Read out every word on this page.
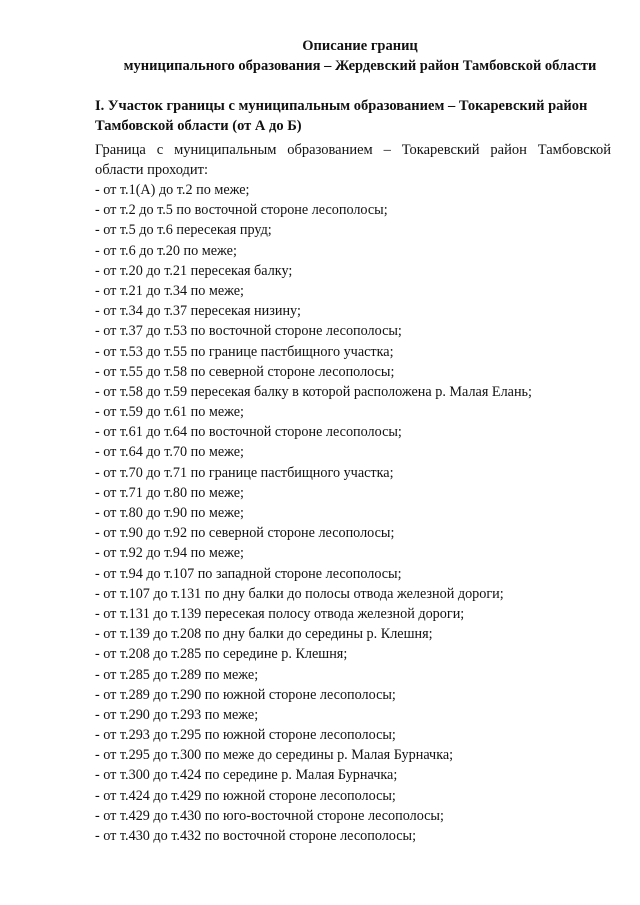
Описание границ
муниципального образования – Жердевский район Тамбовской области
I. Участок границы с муниципальным образованием – Токаревский район Тамбовской области (от А до Б)
Граница с муниципальным образованием – Токаревский район Тамбовской области проходит:
- от т.1(А) до т.2 по меже;
- от т.2 до т.5 по восточной стороне лесополосы;
- от т.5 до т.6 пересекая пруд;
- от т.6 до т.20 по меже;
- от т.20 до т.21 пересекая балку;
- от т.21 до т.34 по меже;
- от т.34 до т.37 пересекая низину;
- от т.37 до т.53 по восточной стороне лесополосы;
- от т.53 до т.55 по границе пастбищного участка;
- от т.55 до т.58 по северной стороне лесополосы;
- от т.58 до т.59 пересекая балку в которой расположена р. Малая Елань;
- от т.59 до т.61 по меже;
- от т.61 до т.64 по восточной стороне лесополосы;
- от т.64 до т.70 по меже;
- от т.70 до т.71 по границе пастбищного участка;
- от т.71 до т.80 по меже;
- от т.80 до т.90 по меже;
- от т.90 до т.92 по северной стороне лесополосы;
- от т.92 до т.94 по меже;
- от т.94 до т.107 по западной стороне лесополосы;
- от т.107 до т.131 по дну балки до полосы отвода железной дороги;
- от т.131 до т.139 пересекая полосу отвода железной дороги;
- от т.139 до т.208 по дну балки до середины р. Клешня;
- от т.208 до т.285 по середине р. Клешня;
- от т.285 до т.289 по меже;
- от т.289 до т.290 по южной стороне лесополосы;
- от т.290 до т.293 по меже;
- от т.293 до т.295 по южной стороне лесополосы;
- от т.295 до т.300 по меже до середины р. Малая Бурначка;
- от т.300 до т.424 по середине р. Малая Бурначка;
- от т.424 до т.429 по южной стороне лесополосы;
- от т.429 до т.430 по юго-восточной стороне лесополосы;
- от т.430 до т.432 по восточной стороне лесополосы;
